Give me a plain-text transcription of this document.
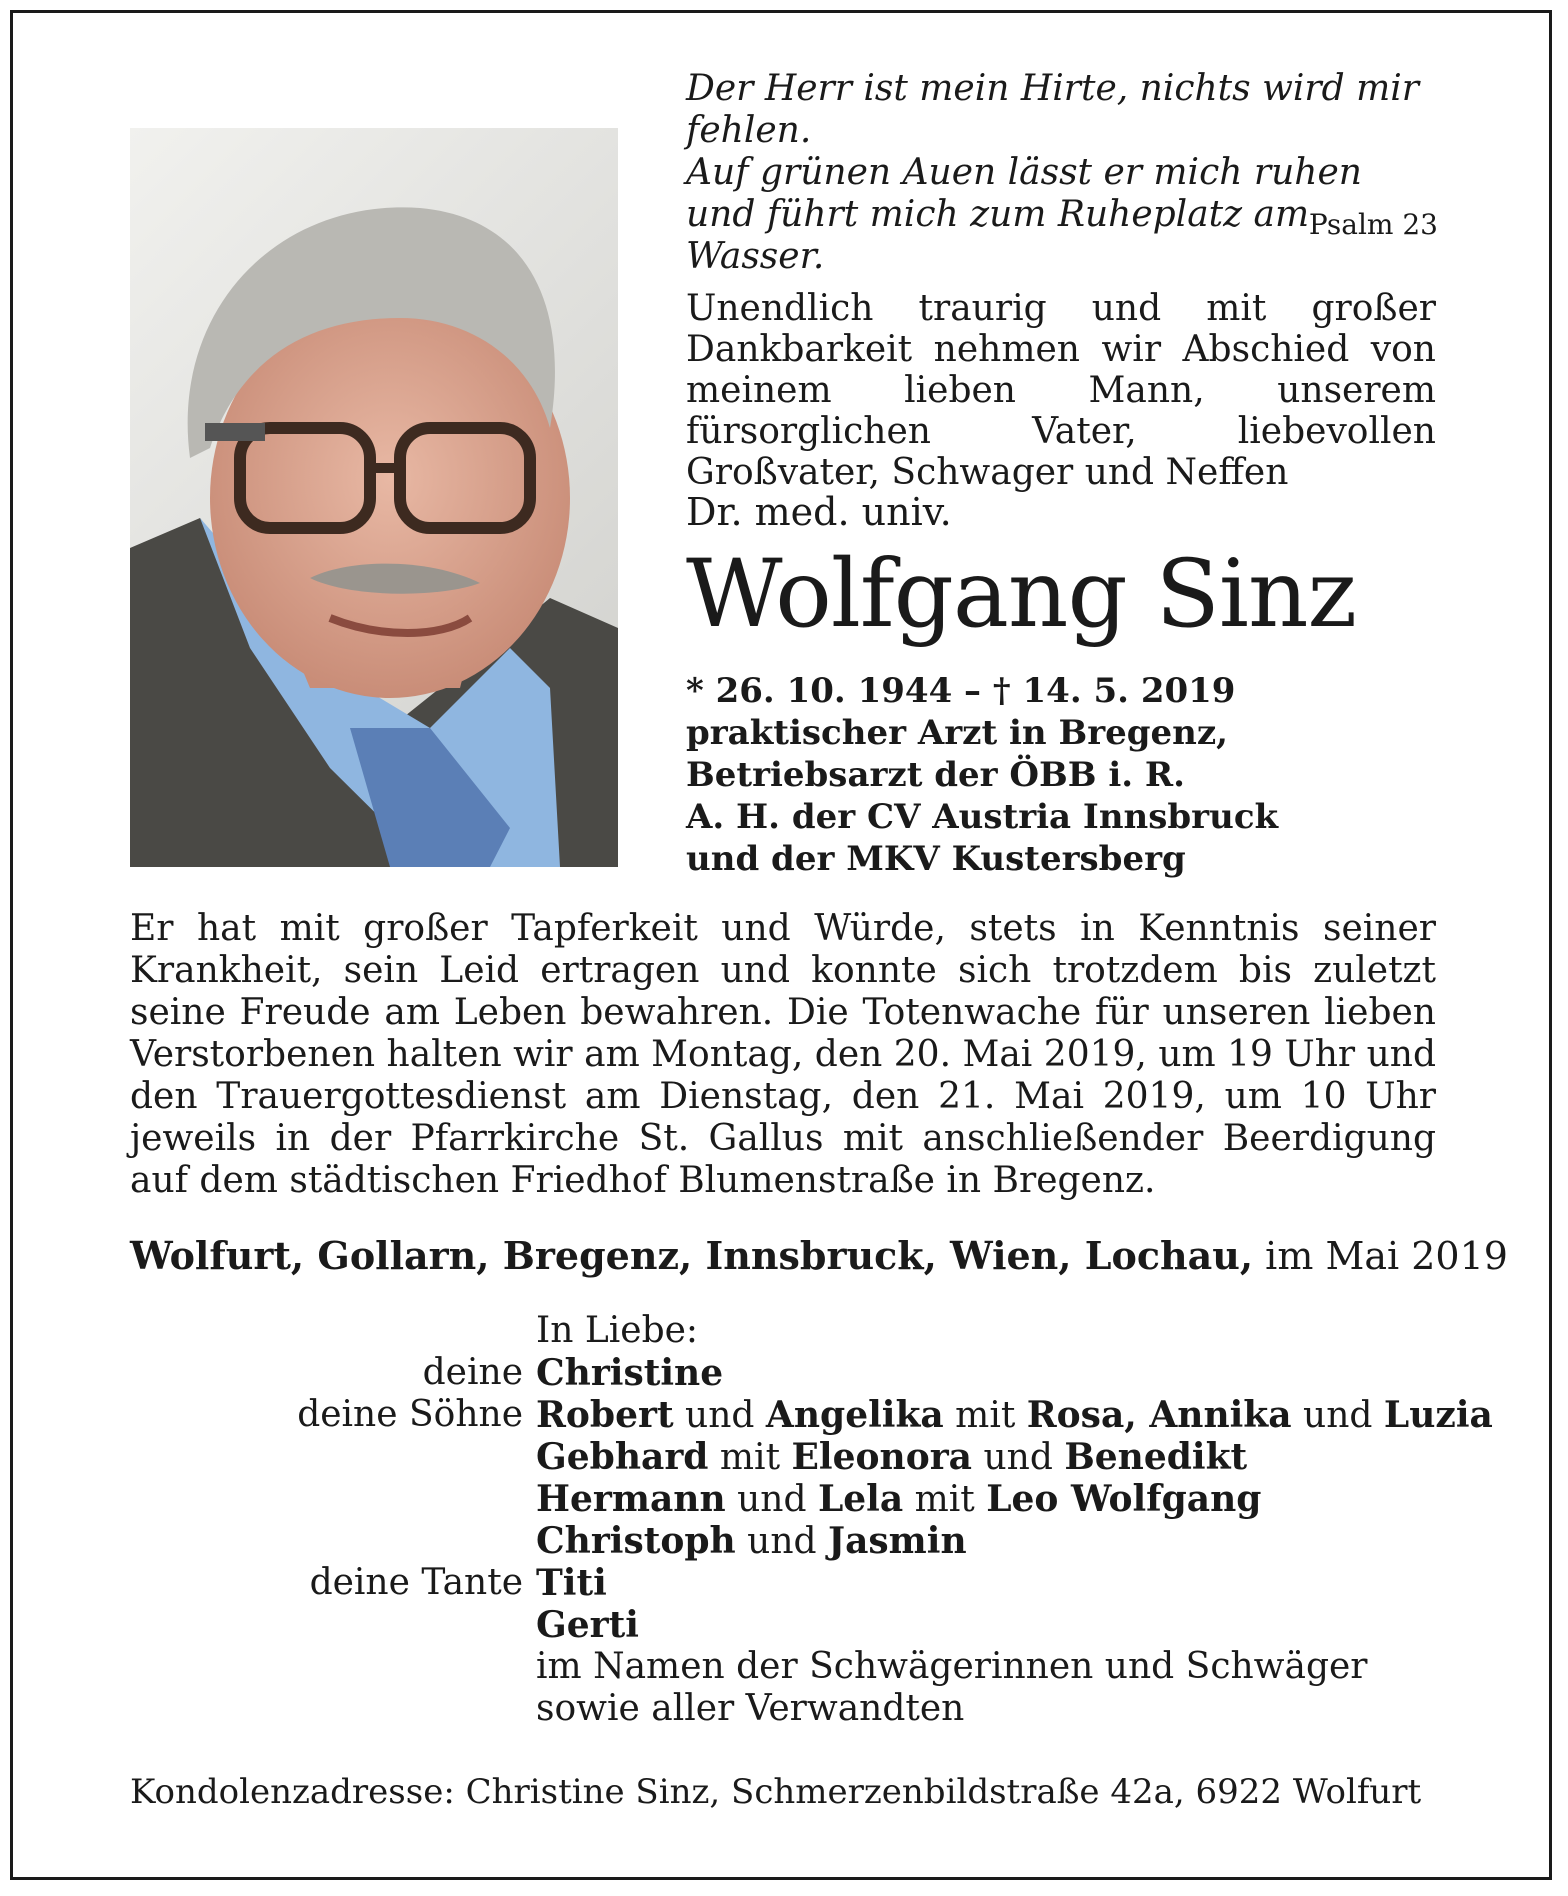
Der Herr ist mein Hirte, nichts wird mir fehlen.
Auf grünen Auen lässt er mich ruhen
und führt mich zum Ruheplatz am Wasser.
Psalm 23
Unendlich traurig und mit großer Dankbarkeit nehmen wir Abschied von meinem lieben Mann, unserem fürsorglichen Vater, liebevollen Großvater, Schwager und Neffen
Dr. med. univ.
Wolfgang Sinz
* 26. 10. 1944 – † 14. 5. 2019
praktischer Arzt in Bregenz,
Betriebsarzt der ÖBB i. R.
A. H. der CV Austria Innsbruck
und der MKV Kustersberg
Er hat mit großer Tapferkeit und Würde, stets in Kenntnis seiner Krankheit, sein Leid ertragen und konnte sich trotzdem bis zuletzt seine Freude am Leben bewahren. Die Totenwache für unseren lieben Verstorbenen halten wir am Montag, den 20. Mai 2019, um 19 Uhr und den Trauergottesdienst am Dienstag, den 21. Mai 2019, um 10 Uhr jeweils in der Pfarrkirche St. Gallus mit anschließender Beerdigung auf dem städtischen Friedhof Blumenstraße in Bregenz.
Wolfurt, Gollarn, Bregenz, Innsbruck, Wien, Lochau, im Mai 2019
In Liebe:
deine Christine
deine Söhne Robert und Angelika mit Rosa, Annika und Luzia
Gebhard mit Eleonora und Benedikt
Hermann und Lela mit Leo Wolfgang
Christoph und Jasmin
deine Tante Titi
Gerti
im Namen der Schwägerinnen und Schwäger
sowie aller Verwandten
Kondolenzadresse: Christine Sinz, Schmerzenbildstraße 42a, 6922 Wolfurt
